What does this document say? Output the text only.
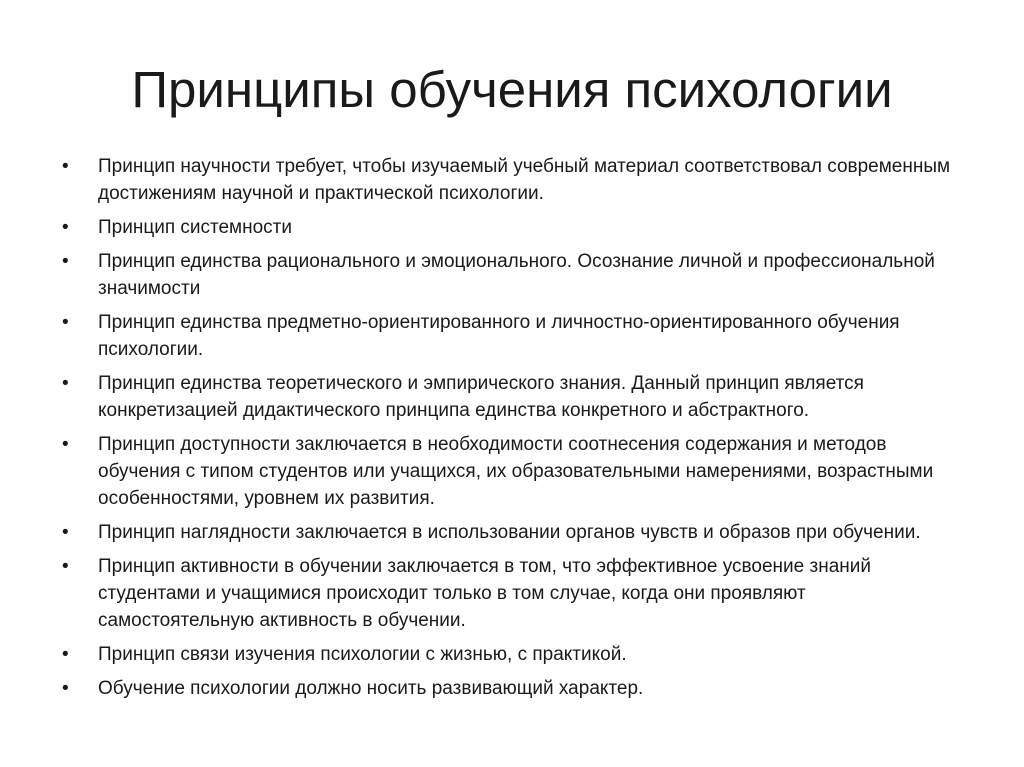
Принципы обучения психологии
• Принцип научности требует, чтобы изучаемый учебный материал соответствовал современным достижениям научной и практической психологии.
• Принцип системности
• Принцип единства рационального и эмоционального. Осознание личной и профессиональной значимости
• Принцип единства предметно-ориентированного и личностно-ориентированного обучения психологии.
• Принцип единства теоретического и эмпирического знания. Данный принцип является конкретизацией дидактического принципа единства конкретного и абстрактного.
• Принцип доступности заключается в необходимости соотнесения содержания и методов обучения с типом студентов или учащихся, их образовательными намерениями, возрастными особенностями, уровнем их развития.
• Принцип наглядности заключается в использовании органов чувств и образов при обучении.
• Принцип активности в обучении заключается в том, что эффективное усвоение знаний студентами и учащимися происходит только в том случае, когда они проявляют самостоятельную активность в обучении.
• Принцип связи изучения психологии с жизнью, с практикой.
• Обучение психологии должно носить развивающий характер.
